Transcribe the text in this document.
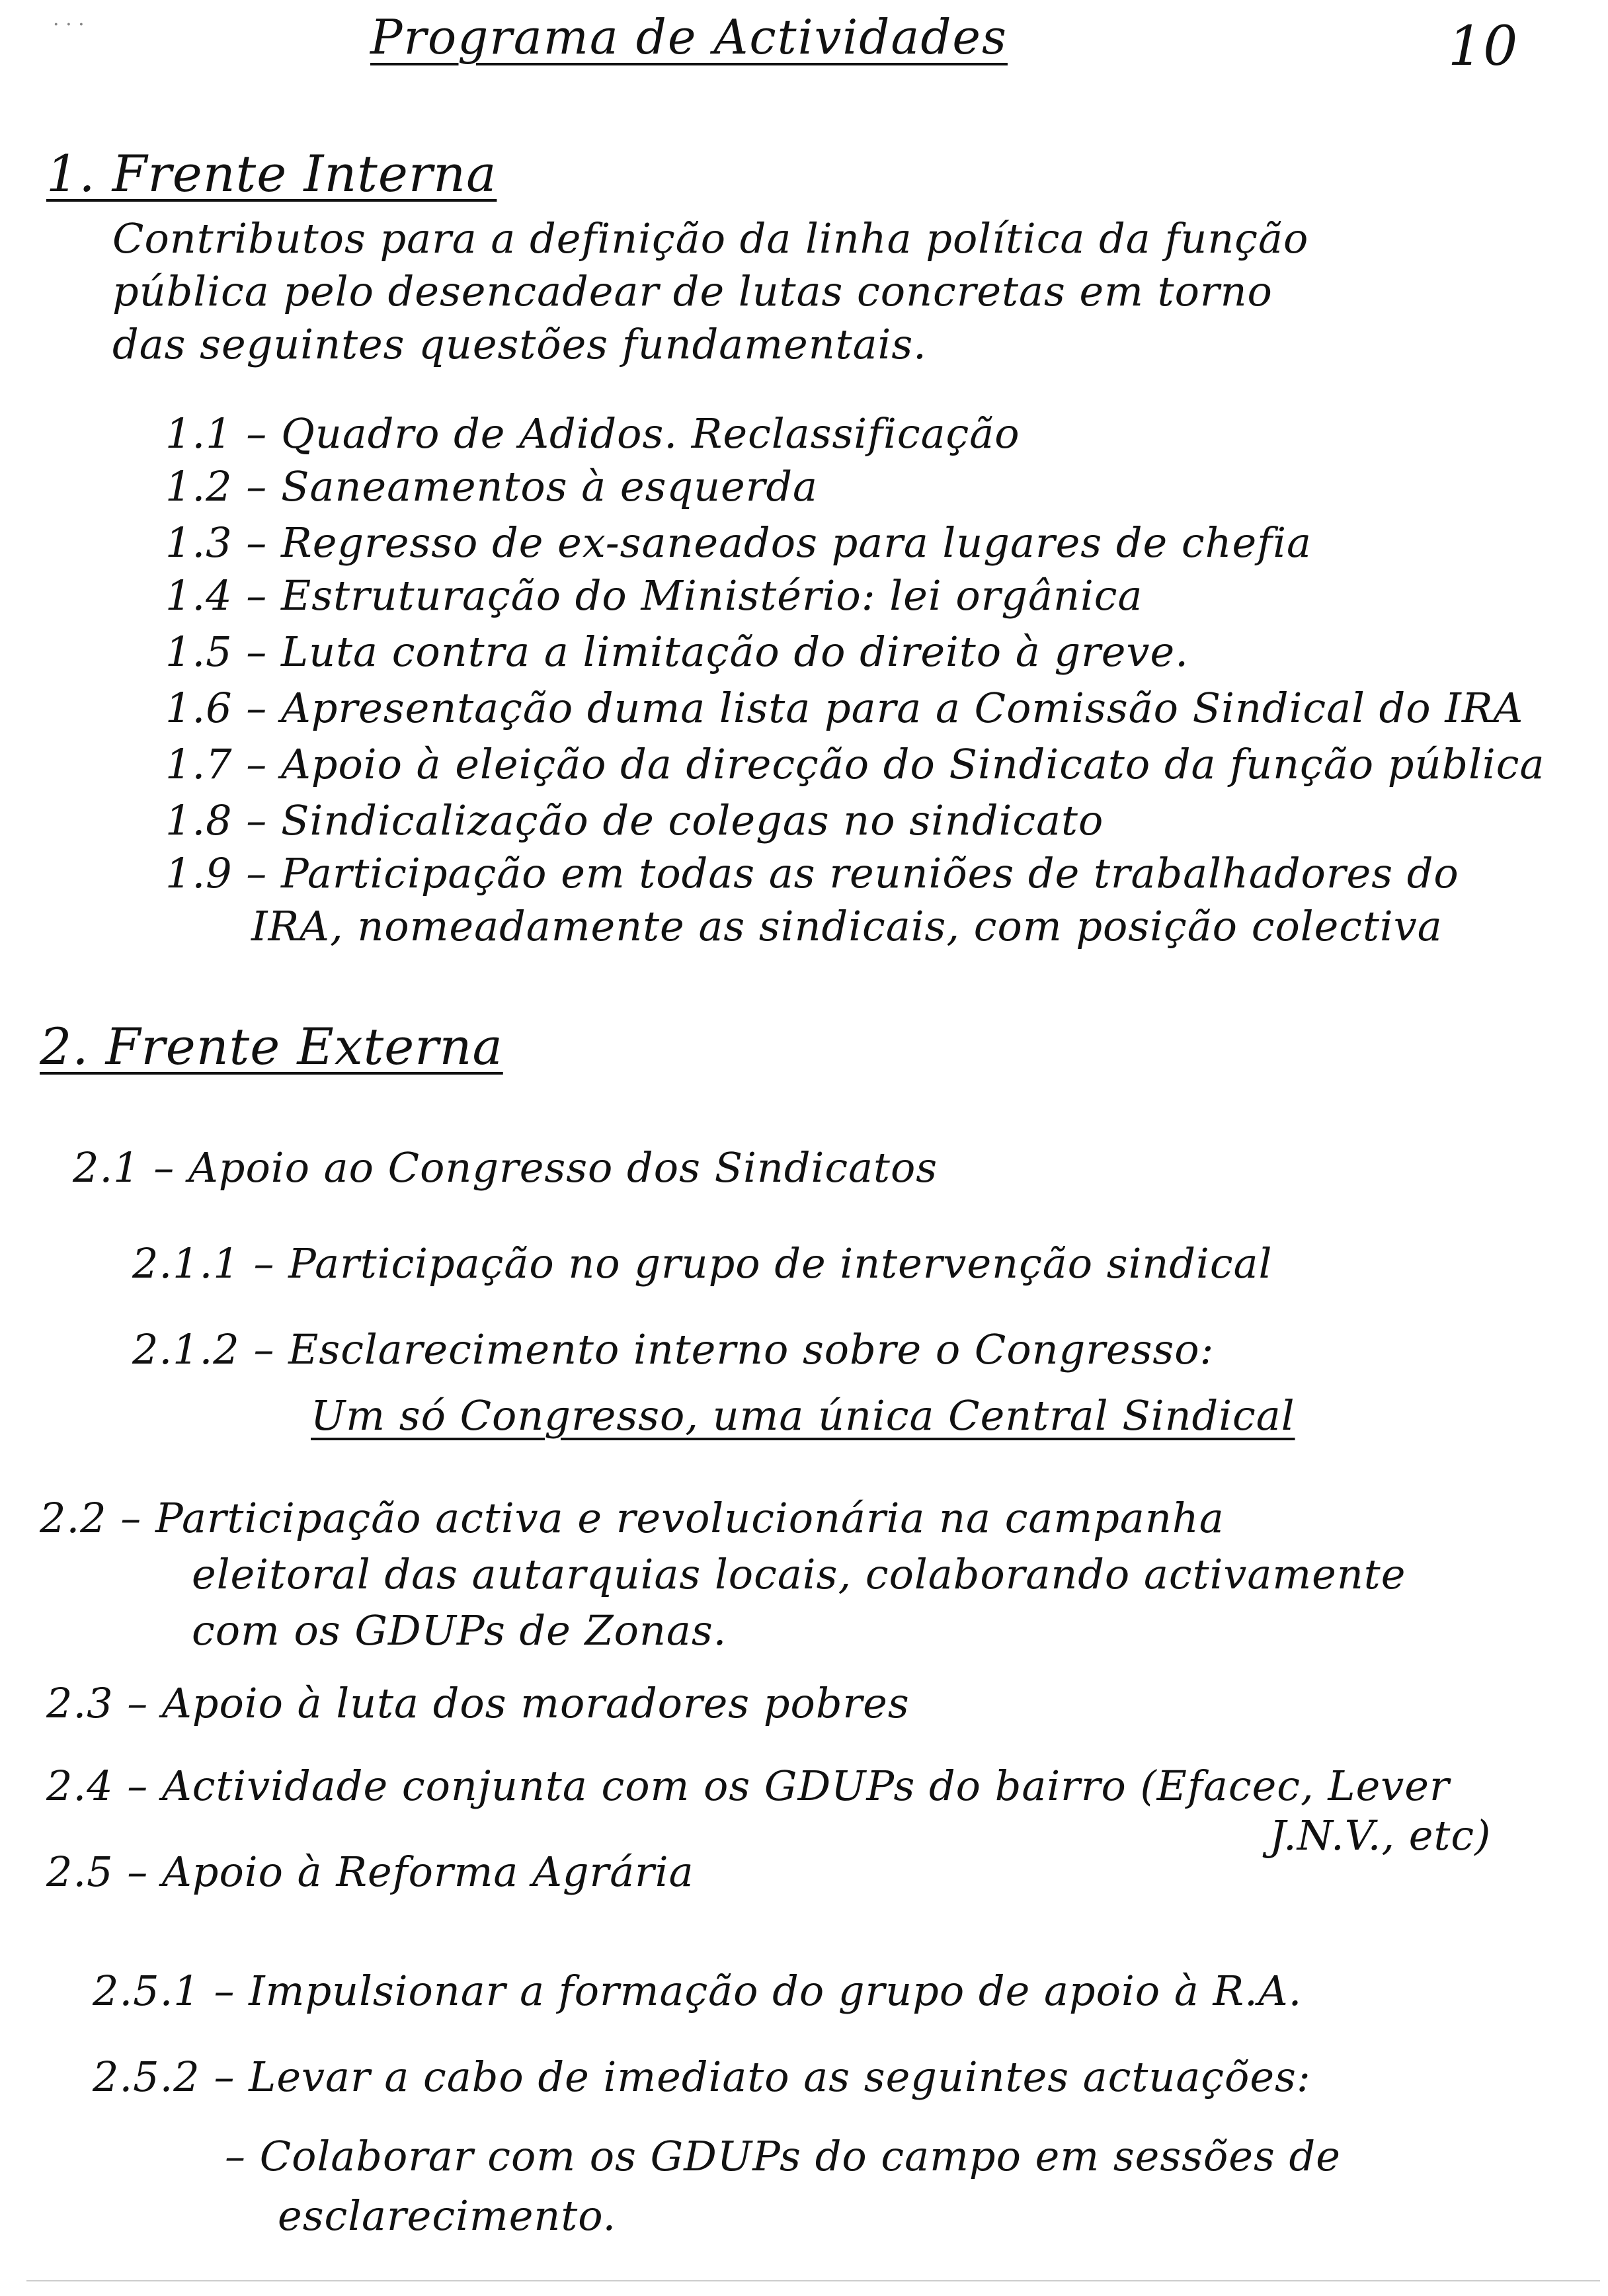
· · ·	Programa de Actividades	10
1. Frente Interna
Contributos para a definição da linha política da função
pública pelo desencadear de lutas concretas em torno
das seguintes questões fundamentais.
1.1 – Quadro de Adidos. Reclassificação
1.2 – Saneamentos à esquerda
1.3 – Regresso de ex-saneados para lugares de chefia
1.4 – Estruturação do Ministério: lei orgânica
1.5 – Luta contra a limitação do direito à greve.
1.6 – Apresentação duma lista para a Comissão Sindical do IRA
1.7 – Apoio à eleição da direcção do Sindicato da função pública
1.8 – Sindicalização de colegas no sindicato
1.9 – Participação em todas as reuniões de trabalhadores do
IRA, nomeadamente as sindicais, com posição colectiva
2. Frente Externa
2.1 – Apoio ao Congresso dos Sindicatos
2.1.1 – Participação no grupo de intervenção sindical
2.1.2 – Esclarecimento interno sobre o Congresso:
Um só Congresso, uma única Central Sindical
2.2 – Participação activa e revolucionária na campanha
eleitoral das autarquias locais, colaborando activamente
com os GDUPs de Zonas.
2.3 – Apoio à luta dos moradores pobres
2.4 – Actividade conjunta com os GDUPs do bairro (Efacec, Lever
J.N.V., etc)
2.5 – Apoio à Reforma Agrária
2.5.1 – Impulsionar a formação do grupo de apoio à R.A.
2.5.2 – Levar a cabo de imediato as seguintes actuações:
– Colaborar com os GDUPs do campo em sessões de
esclarecimento.
